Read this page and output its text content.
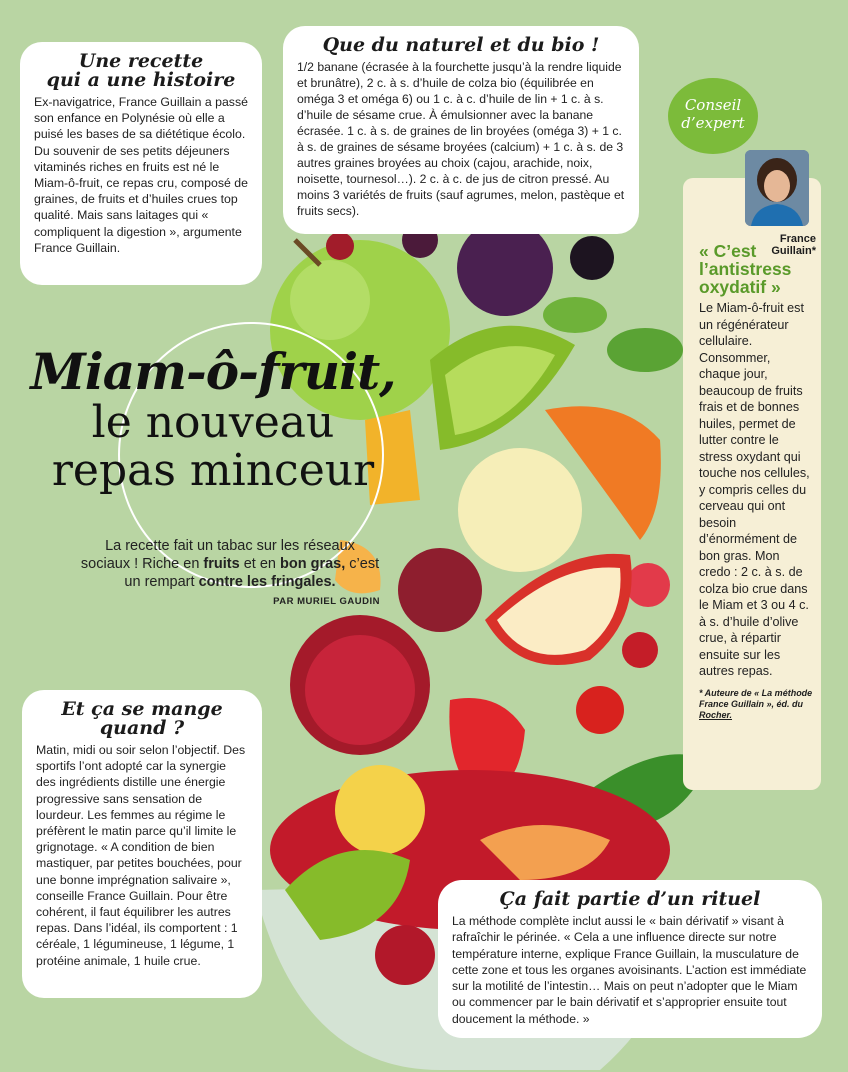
Une recette
qui a une histoire

Ex-navigatrice, France Guillain a passé son enfance en Polynésie où elle a puisé les bases de sa diététique écolo. Du souvenir de ses petits déjeuners vitaminés riches en fruits est né le Miam-ô-fruit, ce repas cru, composé de graines, de fruits et d’huiles crues top qualité. Mais sans laitages qui « compliquent la digestion », argumente France Guillain.

Que du naturel et du bio !

1/2 banane (écrasée à la fourchette jusqu’à la rendre liquide et brunâtre), 2 c. à s. d’huile de colza bio (équilibrée en oméga 3 et oméga 6) ou 1 c. à c. d’huile de lin + 1 c. à s. d’huile de sésame crue. À émulsionner avec la banane écrasée. 1 c. à s. de graines de lin broyées (oméga 3) + 1 c. à s. de graines de sésame broyées (calcium) + 1 c. à s. de 3 autres graines broyées au choix (cajou, arachide, noix, noisette, tournesol…). 2 c. à c. de jus de citron pressé. Au moins 3 variétés de fruits (sauf agrumes, melon, pastèque et fruits secs).

Miam-ô-fruit,
le nouveau
repas minceur
La recette fait un tabac sur les réseaux sociaux ! Riche en fruits et en bon gras, c’est un rempart contre les fringales.
PAR MURIEL GAUDIN
« C’est l’antistress oxydatif »

Le Miam-ô-fruit est un régénérateur cellulaire. Consommer, chaque jour, beaucoup de fruits frais et de bonnes huiles, permet de lutter contre le stress oxydant qui touche nos cellules, y compris celles du cerveau qui ont besoin d’énormément de bon gras. Mon credo : 2 c. à s. de colza bio crue dans le Miam et 3 ou 4 c. à s. d’huile d’olive crue, à répartir ensuite sur les autres repas.

* Auteure de « La méthode France Guillain », éd. du Rocher.
Conseil
d’expert
France
Guillain*
Et ça se mange
quand ?

Matin, midi ou soir selon l’objectif. Des sportifs l’ont adopté car la synergie des ingrédients distille une énergie progressive sans sensation de lourdeur. Les femmes au régime le préfèrent le matin parce qu’il limite le grignotage. « A condition de bien mastiquer, par petites bouchées, pour une bonne imprégnation salivaire », conseille France Guillain. Pour être cohérent, il faut équilibrer les autres repas. Dans l’idéal, ils comportent : 1 céréale, 1 légumineuse, 1 légume, 1 protéine animale, 1 huile crue.

Ça fait partie d’un rituel

La méthode complète inclut aussi le « bain dérivatif » visant à rafraîchir le périnée. « Cela a une influence directe sur notre température interne, explique France Guillain, la musculature de cette zone et tous les organes avoisinants. L’action est immédiate sur la motilité de l’intestin… Mais on peut n’adopter que le Miam ou commencer par le bain dérivatif et s’approprier ensuite tout doucement la méthode. »
